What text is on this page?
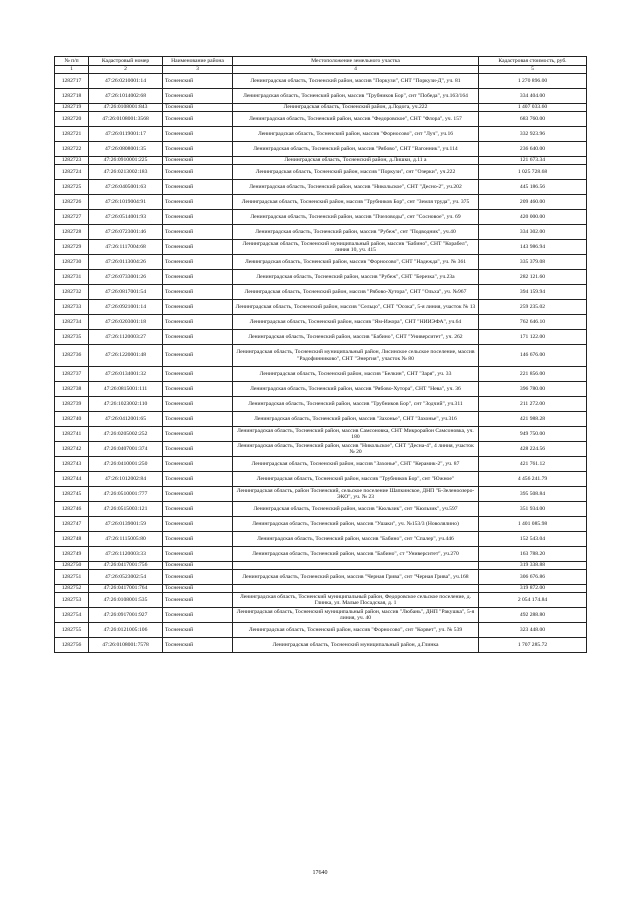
№ п/п	Кадастровый номер	Наименование района	Местоположение земельного участка	Кадастровая стоимость, руб.
1	2	3	4	5
1282717	47:26:0210001:14	Тосненский	Ленинградская область, Тосненский район, массив "Поркузи", СНТ "Поркузи-Д", уч. 81	1 270 896.00
1282718	47:26:1014002:68	Тосненский	Ленинградская область, Тосненский район, массив "Трубников Бор", снт "Победа", уч.163/164	334 404.00
1282719	47:26:0108001:843	Тосненский	Ленинградская область, Тосненский район, д.Лодога, уч.222	1 407 033.60
1282720	47:26:0108001:3568	Тосненский	Ленинградская область, Тосненский район, массив "Федоровское", СНТ "Флора", уч. 157	683 760.00
1282721	47:26:0119001:17	Тосненский	Ленинградская область, Тосненский район, массив "Форносово", снт "Луч", уч.16	332 923.96
1282722	47:26:0808001:35	Тосненский	Ленинградская область, Тосненский район, массив "Рябово", СНТ "Вагонник", уч.114	236 640.00
1282723	47:26:0910001:225	Тосненский	Ленинградская область, Тосненский район, д.Лишки, д.11 а	121 673.34
1282724	47:26:0213002:183	Тосненский	Ленинградская область, Тосненский район, массив "Поркузи", снт "Озерки", уч.222	1 025 728.68
1282725	47:26:0405001:63	Тосненский	Ленинградская область, Тосненский район, массив "Никольское", СНТ "Десно-2", уч.202	445 186.56
1282726	47:26:1019004:91	Тосненский	Ленинградская область, Тосненский район, массив "Трубников Бор", снт "Земля труда", уч. 375	209 460.00
1282727	47:26:0514001:93	Тосненский	Ленинградская область, Тосненский район, массив "Пчеловоды", снт "Сосновое", уч. 69	420 000.00
1282728	47:26:0723001:46	Тосненский	Ленинградская область, Тосненский район, массив "Рубеж", снт "Подводник", уч.40	334 302.00
1282729	47:26:1117004:68	Тосненский	Ленинградская область, Тосненский муниципальный район, массив "Бабино", СНТ "Корабел", линия 10, уч. 415	143 986.94
1282730	47:26:0113004:26	Тосненский	Ленинградская область, Тосненский район, массив "Форносово", СНТ "Надежда", уч. № 361	335 379.08
1282731	47:26:0733001:26	Тосненский	Ленинградская область, Тосненский район, массив "Рубеж", СНТ "Березка", уч.23а	282 121.60
1282732	47:26:0817001:54	Тосненский	Ленинградская область, Тосненский район, массив "Рябово-Хутора", СНТ "Ольха", уч. №967	394 159.94
1282733	47:26:0921001:14	Тосненский	Ленинградская область, Тосненский район, массив "Сельцо", СНТ "Осока", 5-я линия, участок № 13	259 235.02
1282734	47:26:0203001:18	Тосненский	Ленинградская область, Тосненский район, массив "Ям-Ижора", СНТ "НИИЭФА", уч.64	762 646.10
1282735	47:26:1120003:27	Тосненский	Ленинградская область, Тосненский район, массив "Бабино", СНТ "Университет", уч. 262	171 122.00
1282736	47:26:1220001:48	Тосненский	Ленинградская область, Тосненский муниципальный район, Лисинское сельское поселение, массив "Радофинниково", СНТ "Энергия", участок № 80	146 676.00
1282737	47:26:0134001:32	Тосненский	Ленинградская область, Тосненский район, массив "Белкин", СНТ "Заря", уч. 33	221 856.00
1282738	47:26:0815001:111	Тосненский	Ленинградская область, Тосненский район, массив "Рябово-Хутора", СНТ "Нева", уч. 36	396 780.00
1282739	47:26:1023002:110	Тосненский	Ленинградская область, Тосненский район, массив "Трубников Бор", снт "Зодчий", уч.311	211 272.00
1282740	47:26:0412001:65	Тосненский	Ленинградская область, Тосненский район, массив "Захонье", СНТ "Захонье", уч.316	421 988.28
1282741	47:26:0205002:252	Тосненский	Ленинградская область, Тосненский район, массив Самсоновка, СНТ Микрорайон Самсоновка, уч. 180	949 750.00
1282742	47:26:0407001:374	Тосненский	Ленинградская область, Тосненский район, массив "Никольское", СНТ "Десна-4", 4 линия, участок № 20	428 224.56
1282743	47:26:0410001:250	Тосненский	Ленинградская область, Тосненский район, массив "Захонье", СНТ "Керамик-2", уч. 87	421 761.12
1282744	47:26:1012002:84	Тосненский	Ленинградская область, Тосненский район, массив "Трубников Бор", снт "Южное"	4 456 241.79
1282745	47:26:0510001:777	Тосненский	Ленинградская область, район Тосненский, сельское поселение Шапкинское, ДНП "Б-Зеленоозеро-ЭКО", уч. № 23	395 508.84
1282746	47:26:0515003:121	Тосненский	Ленинградская область, Тосненский район, массив "Кюльзик", снт "Кюльзик", уч.597	351 934.00
1282747	47:26:0139001:59	Тосненский	Ленинградская область, Тосненский район, массив "Ушаки", уч. №153/3 (Новолялино)	1 401 085.98
1282748	47:26:1115005:80	Тосненский	Ленинградская область, Тосненский район, массив "Бабино", снт "Спалер", уч.446	152 543.04
1282749	47:26:1120003:33	Тосненский	Ленинградская область, Тосненский район, массив "Бабино", ст "Университет", уч.270	163 788.20
1282750	47:26:0417001:756	Тосненский		319 338.88
1282751	47:26:0523002:54	Тосненский	Ленинградская область, Тосненский район, массив "Черная Грива", снт "Черная Грива", уч.168	306 676.86
1282752	47:26:0417001:764	Тосненский		319 872.00
1282753	47:26:0108001:535	Тосненский	Ленинградская область, Тосненский муниципальный район, Федоровское сельское поселение, д. Глинка, ул. Малые Посадская, д. 1	2 054 174.84
1282754	47:26:0917001:927	Тосненский	Ленинградская область, Тосненский муниципальный район, массив "Любань", ДНП "Ракушка", 5-я линия, уч. 40	492 288.80
1282755	47:26:0121005:106	Тосненский	Ленинградская область, Тосненский район, массив "Форносово", снт "Корвет", уч. № 539	323 448.00
1282756	47:26:0108001:7578	Тосненский	Ленинградская область, Тосненский муниципальный район, д.Глинка	1 707 285.72
17640
